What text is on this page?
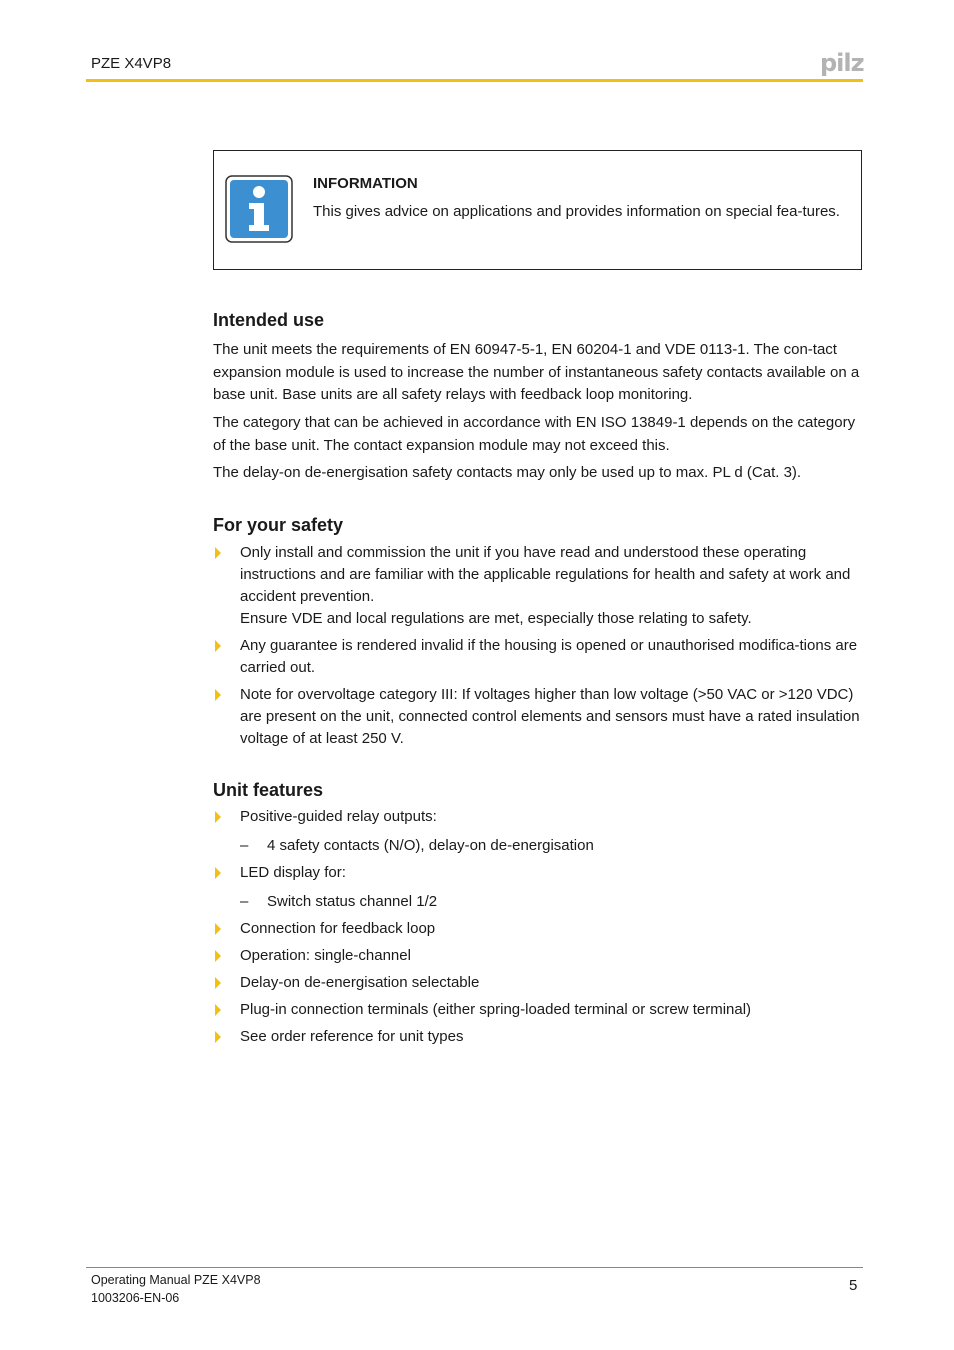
PZE X4VP8	pilz
INFORMATION
This gives advice on applications and provides information on special fea-tures.
Intended use
The unit meets the requirements of EN 60947-5-1, EN 60204-1 and VDE 0113-1. The con-tact expansion module is used to increase the number of instantaneous safety contacts available on a base unit. Base units are all safety relays with feedback loop monitoring.
The category that can be achieved in accordance with EN ISO 13849-1 depends on the category of the base unit. The contact expansion module may not exceed this.
The delay-on de-energisation safety contacts may only be used up to max. PL d (Cat. 3).
For your safety
Only install and commission the unit if you have read and understood these operating instructions and are familiar with the applicable regulations for health and safety at work and accident prevention.
Ensure VDE and local regulations are met, especially those relating to safety.
Any guarantee is rendered invalid if the housing is opened or unauthorised modifica-tions are carried out.
Note for overvoltage category III: If voltages higher than low voltage (>50 VAC or >120 VDC) are present on the unit, connected control elements and sensors must have a rated insulation voltage of at least 250 V.
Unit features
Positive-guided relay outputs:
– 4 safety contacts (N/O), delay-on de-energisation
LED display for:
– Switch status channel 1/2
Connection for feedback loop
Operation: single-channel
Delay-on de-energisation selectable
Plug-in connection terminals (either spring-loaded terminal or screw terminal)
See order reference for unit types
Operating Manual PZE X4VP8
1003206-EN-06
5
